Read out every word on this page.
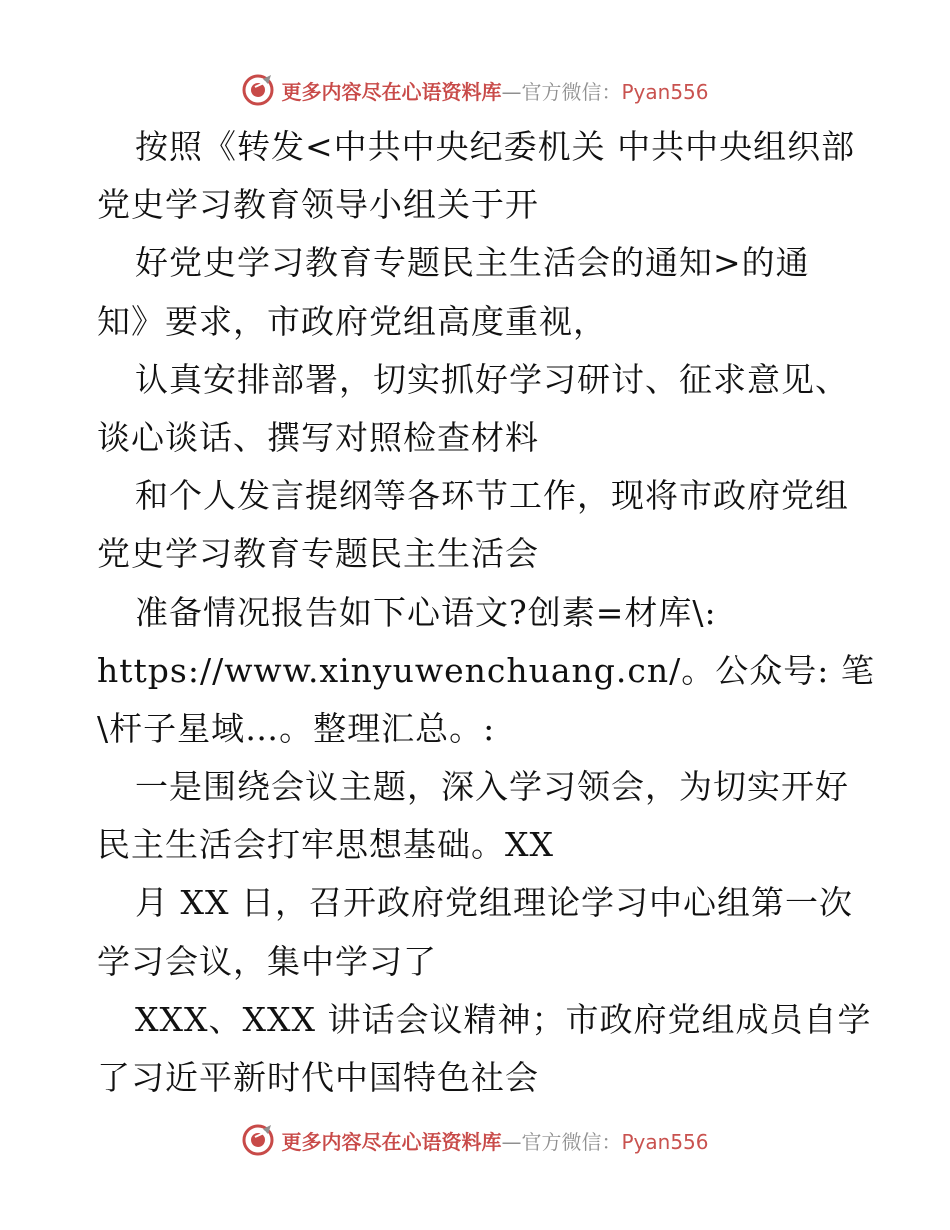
更多内容尽在心语资料库—官方微信：Pyan556
按照《转发<中共中央纪委机关 中共中央组织部
党史学习教育领导小组关于开
好党史学习教育专题民主生活会的通知>的通
知》要求，市政府党组高度重视，
认真安排部署，切实抓好学习研讨、征求意见、
谈心谈话、撰写对照检查材料
和个人发言提纲等各环节工作，现将市政府党组
党史学习教育专题民主生活会
准备情况报告如下心语文?创素=材库\:
https://www.xinyuwenchuang.cn/。公众号: 笔
\杆子星域…。整理汇总。:
一是围绕会议主题，深入学习领会，为切实开好
民主生活会打牢思想基础。XX
月 XX 日，召开政府党组理论学习中心组第一次
学习会议，集中学习了
XXX、XXX 讲话会议精神；市政府党组成员自学
了习近平新时代中国特色社会
更多内容尽在心语资料库—官方微信：Pyan556
